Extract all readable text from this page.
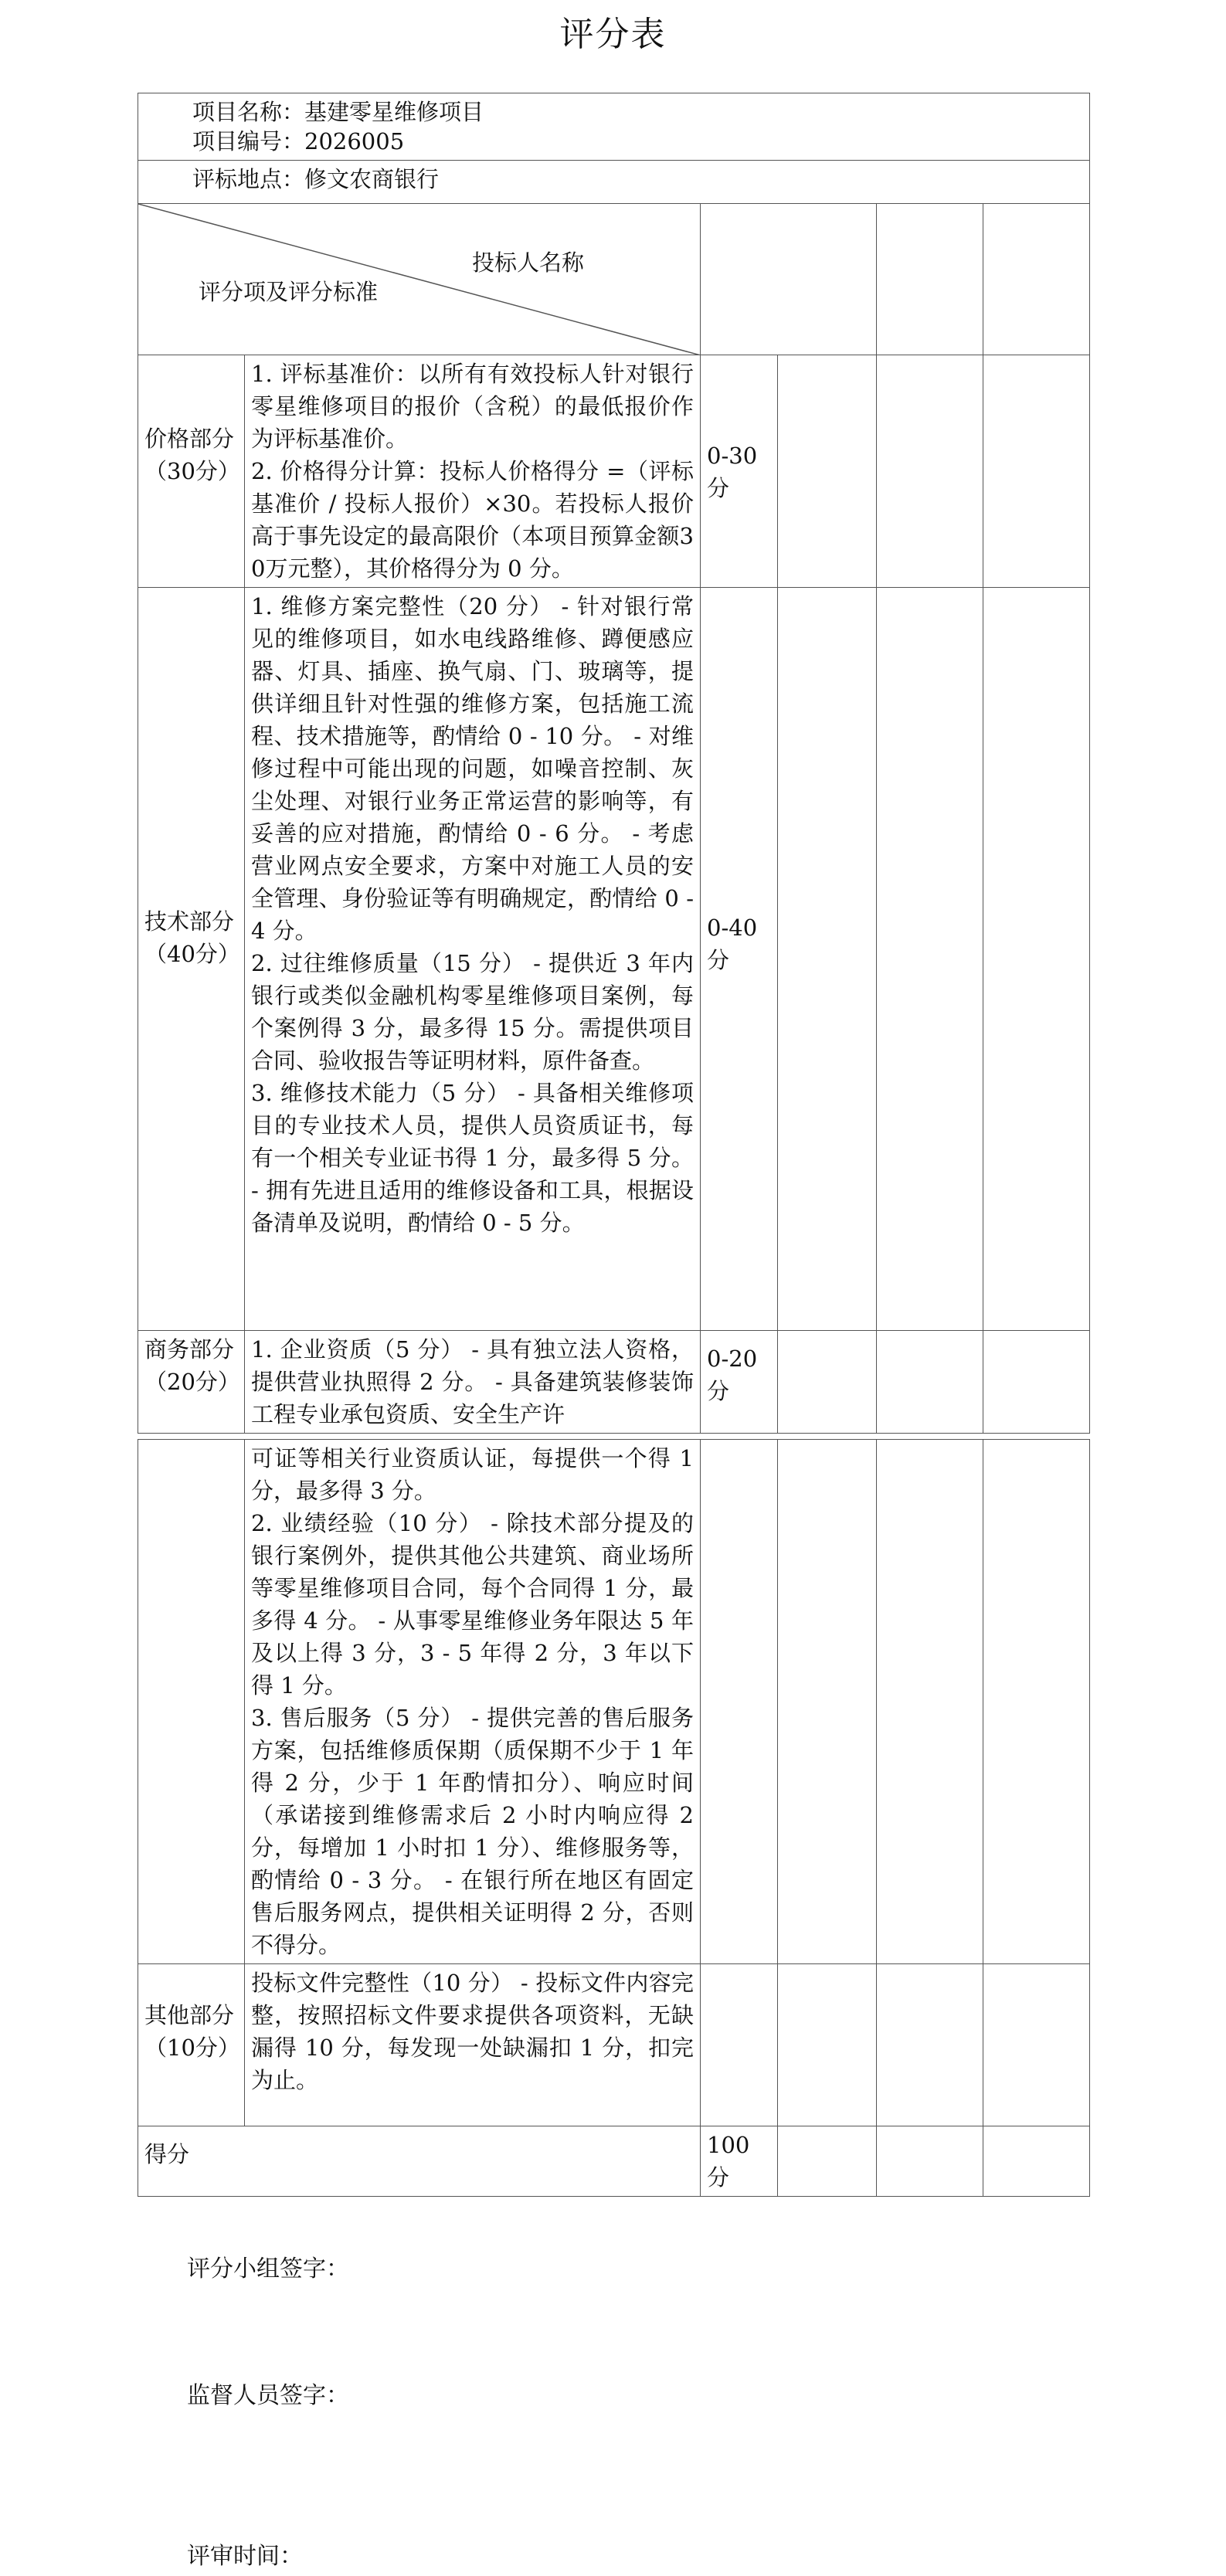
评分表
项目名称：基建零星维修项目
项目编号：2026005					

评标地点：修文农商银行					

投标人名称
评分项及评分标准					

价格部分（30分）	1. 评标基准价：以所有有效投标人针对银行零星维修项目的报价（含税）的最低报价作为评标基准价。
2. 价格得分计算：投标人价格得分 =（评标基准价 / 投标人报价）×30。若投标人报价高于事先设定的最高限价（本项目预算金额30万元整），其价格得分为 0 分。	0-30分			

技术部分（40分）	1. 维修方案完整性（20 分） - 针对银行常见的维修项目，如水电线路维修、蹲便感应器、灯具、插座、换气扇、门、玻璃等，提供详细且针对性强的维修方案，包括施工流程、技术措施等，酌情给 0 - 10 分。 - 对维修过程中可能出现的问题，如噪音控制、灰尘处理、对银行业务正常运营的影响等，有妥善的应对措施，酌情给 0 - 6 分。 - 考虑营业网点安全要求，方案中对施工人员的安全管理、身份验证等有明确规定，酌情给 0 - 4 分。
2. 过往维修质量（15 分） - 提供近 3 年内银行或类似金融机构零星维修项目案例，每个案例得 3 分，最多得 15 分。需提供项目合同、验收报告等证明材料，原件备查。
3. 维修技术能力（5 分） - 具备相关维修项目的专业技术人员，提供人员资质证书，每有一个相关专业证书得 1 分，最多得 5 分。 - 拥有先进且适用的维修设备和工具，根据设备清单及说明，酌情给 0 - 5 分。	0-40分			

商务部分（20分）	1. 企业资质（5 分） - 具有独立法人资格，提供营业执照得 2 分。 - 具备建筑装修装饰工程专业承包资质、安全生产许	0-20分			

	可证等相关行业资质认证，每提供一个得 1 分，最多得 3 分。
2. 业绩经验（10 分） - 除技术部分提及的银行案例外，提供其他公共建筑、商业场所等零星维修项目合同，每个合同得 1 分，最多得 4 分。 - 从事零星维修业务年限达 5 年及以上得 3 分，3 - 5 年得 2 分，3 年以下得 1 分。
3. 售后服务（5 分） - 提供完善的售后服务方案，包括维修质保期（质保期不少于 1 年得 2 分，少于 1 年酌情扣分）、响应时间（承诺接到维修需求后 2 小时内响应得 2 分，每增加 1 小时扣 1 分）、维修服务等，酌情给 0 - 3 分。 - 在银行所在地区有固定售后服务网点，提供相关证明得 2 分，否则不得分。				

其他部分（10分）	投标文件完整性（10 分） - 投标文件内容完整，按照招标文件要求提供各项资料，无缺漏得 10 分，每发现一处缺漏扣 1 分，扣完为止。				

得分		100分			
评分小组签字：
监督人员签字：
评审时间：
